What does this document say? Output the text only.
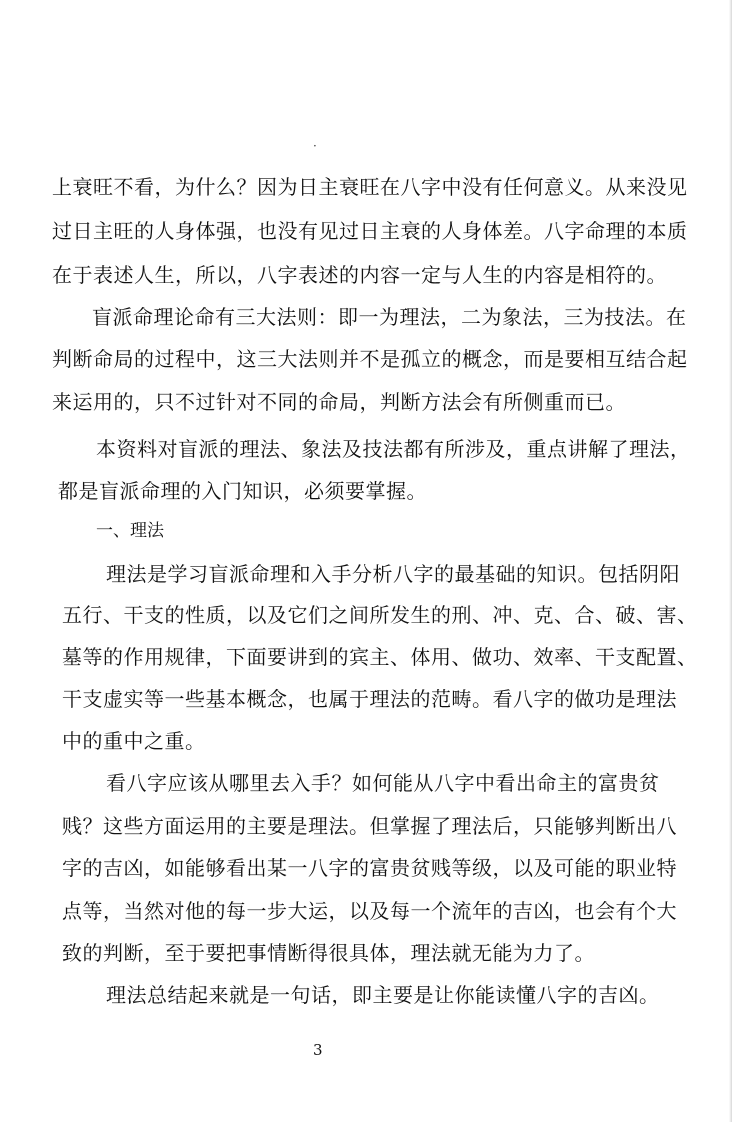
·
上衰旺不看，为什么？因为日主衰旺在八字中没有任何意义。从来没见
过日主旺的人身体强，也没有见过日主衰的人身体差。八字命理的本质
在于表述人生，所以，八字表述的内容一定与人生的内容是相符的。
盲派命理论命有三大法则：即一为理法，二为象法，三为技法。在
判断命局的过程中，这三大法则并不是孤立的概念，而是要相互结合起
来运用的，只不过针对不同的命局，判断方法会有所侧重而已。
本资料对盲派的理法、象法及技法都有所涉及，重点讲解了理法，
都是盲派命理的入门知识，必须要掌握。
一、理法
理法是学习盲派命理和入手分析八字的最基础的知识。包括阴阳
五行、干支的性质，以及它们之间所发生的刑、冲、克、合、破、害、
墓等的作用规律，下面要讲到的宾主、体用、做功、效率、干支配置、
干支虚实等一些基本概念，也属于理法的范畴。看八字的做功是理法
中的重中之重。
看八字应该从哪里去入手？如何能从八字中看出命主的富贵贫
贱？这些方面运用的主要是理法。但掌握了理法后，只能够判断出八
字的吉凶，如能够看出某一八字的富贵贫贱等级，以及可能的职业特
点等，当然对他的每一步大运，以及每一个流年的吉凶，也会有个大
致的判断，至于要把事情断得很具体，理法就无能为力了。
理法总结起来就是一句话，即主要是让你能读懂八字的吉凶。
3
